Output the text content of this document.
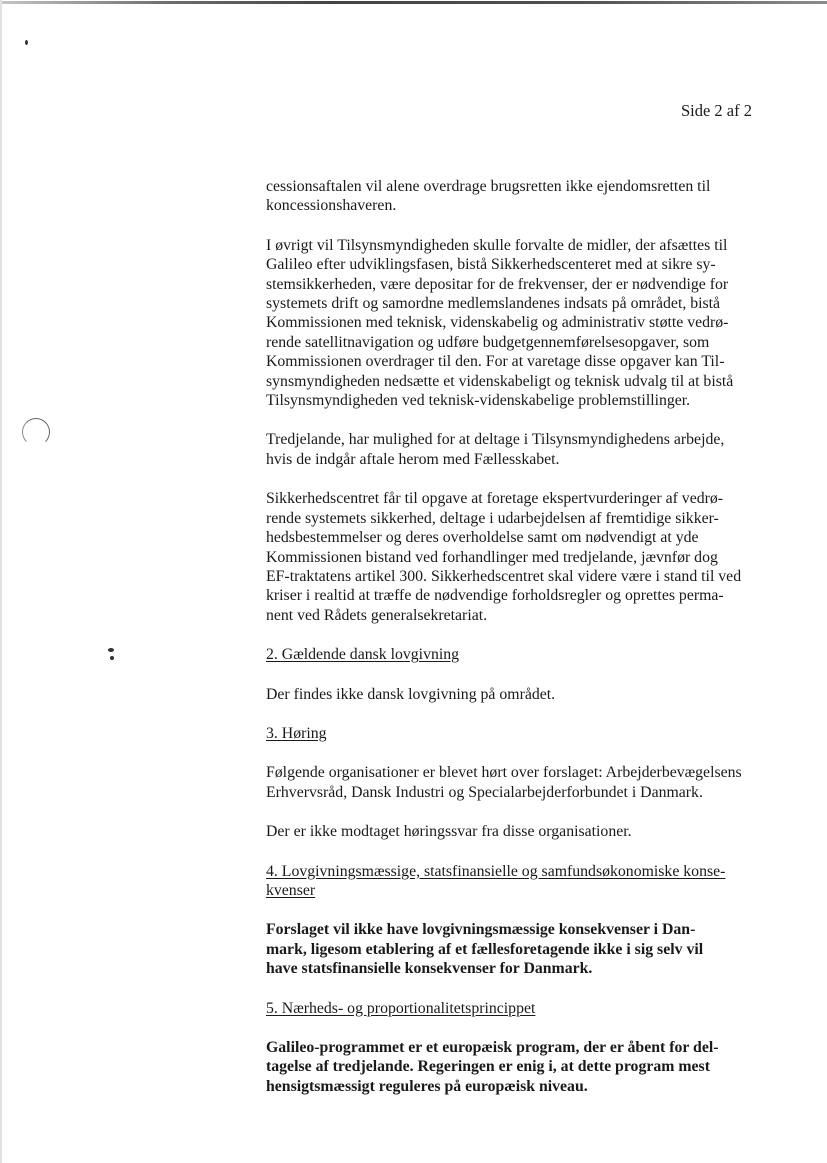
Side 2 af 2

cessionsaftalen vil alene overdrage brugsretten ikke ejendomsretten til
koncessionshaveren.

I øvrigt vil Tilsynsmyndigheden skulle forvalte de midler, der afsættes til
Galileo efter udviklingsfasen, bistå Sikkerhedscenteret med at sikre sy-
stemsikkerheden, være depositar for de frekvenser, der er nødvendige for
systemets drift og samordne medlemslandenes indsats på området, bistå
Kommissionen med teknisk, videnskabelig og administrativ støtte vedrø-
rende satellitnavigation og udføre budgetgennemførelsesopgaver, som
Kommissionen overdrager til den. For at varetage disse opgaver kan Til-
synsmyndigheden nedsætte et videnskabeligt og teknisk udvalg til at bistå
Tilsynsmyndigheden ved teknisk-videnskabelige problemstillinger.

Tredjelande, har mulighed for at deltage i Tilsynsmyndighedens arbejde,
hvis de indgår aftale herom med Fællesskabet.

Sikkerhedscentret får til opgave at foretage ekspertvurderinger af vedrø-
rende systemets sikkerhed, deltage i udarbejdelsen af fremtidige sikker-
hedsbestemmelser og deres overholdelse samt om nødvendigt at yde
Kommissionen bistand ved forhandlinger med tredjelande, jævnfør dog
EF-traktatens artikel 300. Sikkerhedscentret skal videre være i stand til ved
kriser i realtid at træffe de nødvendige forholdsregler og oprettes perma-
nent ved Rådets generalsekretariat.

2. Gældende dansk lovgivning

Der findes ikke dansk lovgivning på området.

3. Høring

Følgende organisationer er blevet hørt over forslaget: Arbejderbevægelsens
Erhvervsråd, Dansk Industri og Specialarbejderforbundet i Danmark.

Der er ikke modtaget høringssvar fra disse organisationer.

4. Lovgivningsmæssige, statsfinansielle og samfundsøkonomiske konse-
kvenser

Forslaget vil ikke have lovgivningsmæssige konsekvenser i Dan-
mark, ligesom etablering af et fællesforetagende ikke i sig selv vil
have statsfinansielle konsekvenser for Danmark.

5. Nærheds- og proportionalitetsprincippet

Galileo-programmet er et europæisk program, der er åbent for del-
tagelse af tredjelande. Regeringen er enig i, at dette program mest
hensigtsmæssigt reguleres på europæisk niveau.
